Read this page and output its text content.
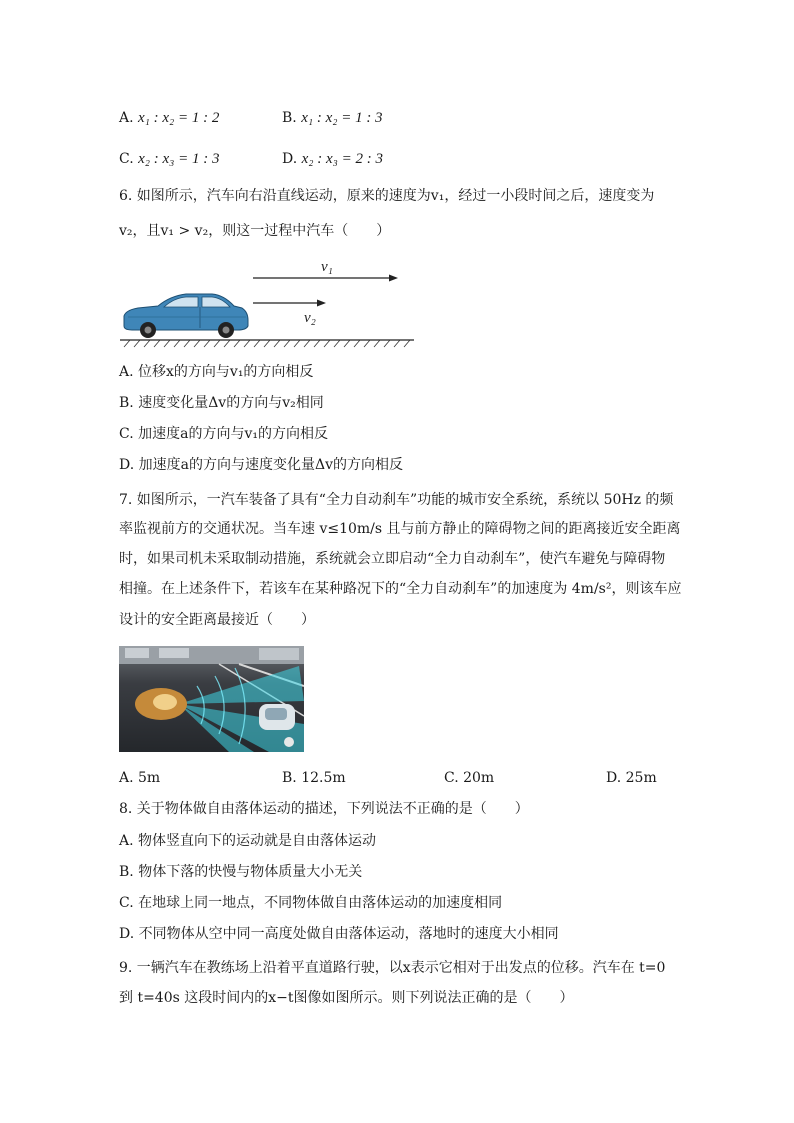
A. x₁ : x₂ = 1 : 2	B. x₁ : x₂ = 1 : 3
C. x₂ : x₃ = 1 : 3	D. x₂ : x₃ = 2 : 3
6. 如图所示，汽车向右沿直线运动，原来的速度为v₁，经过一小段时间之后，速度变为
v₂，且v₁ > v₂，则这一过程中汽车（　　）
v₁
v₂
A. 位移x的方向与v₁的方向相反
B. 速度变化量Δv的方向与v₂相同
C. 加速度a的方向与v₁的方向相反
D. 加速度a的方向与速度变化量Δv的方向相反
7. 如图所示，一汽车装备了具有“全力自动刹车”功能的城市安全系统，系统以 50Hz 的频
率监视前方的交通状况。当车速 v≤10m/s 且与前方静止的障碍物之间的距离接近安全距离
时，如果司机未采取制动措施，系统就会立即启动“全力自动刹车”，使汽车避免与障碍物
相撞。在上述条件下，若该车在某种路况下的“全力自动刹车”的加速度为 4m/s²，则该车应
设计的安全距离最接近（　　）
A. 5m	B. 12.5m	C. 20m	D. 25m
8. 关于物体做自由落体运动的描述，下列说法不正确的是（　　）
A. 物体竖直向下的运动就是自由落体运动
B. 物体下落的快慢与物体质量大小无关
C. 在地球上同一地点，不同物体做自由落体运动的加速度相同
D. 不同物体从空中同一高度处做自由落体运动，落地时的速度大小相同
9. 一辆汽车在教练场上沿着平直道路行驶，以x表示它相对于出发点的位移。汽车在 t=0
到 t=40s 这段时间内的x−t图像如图所示。则下列说法正确的是（　　）
